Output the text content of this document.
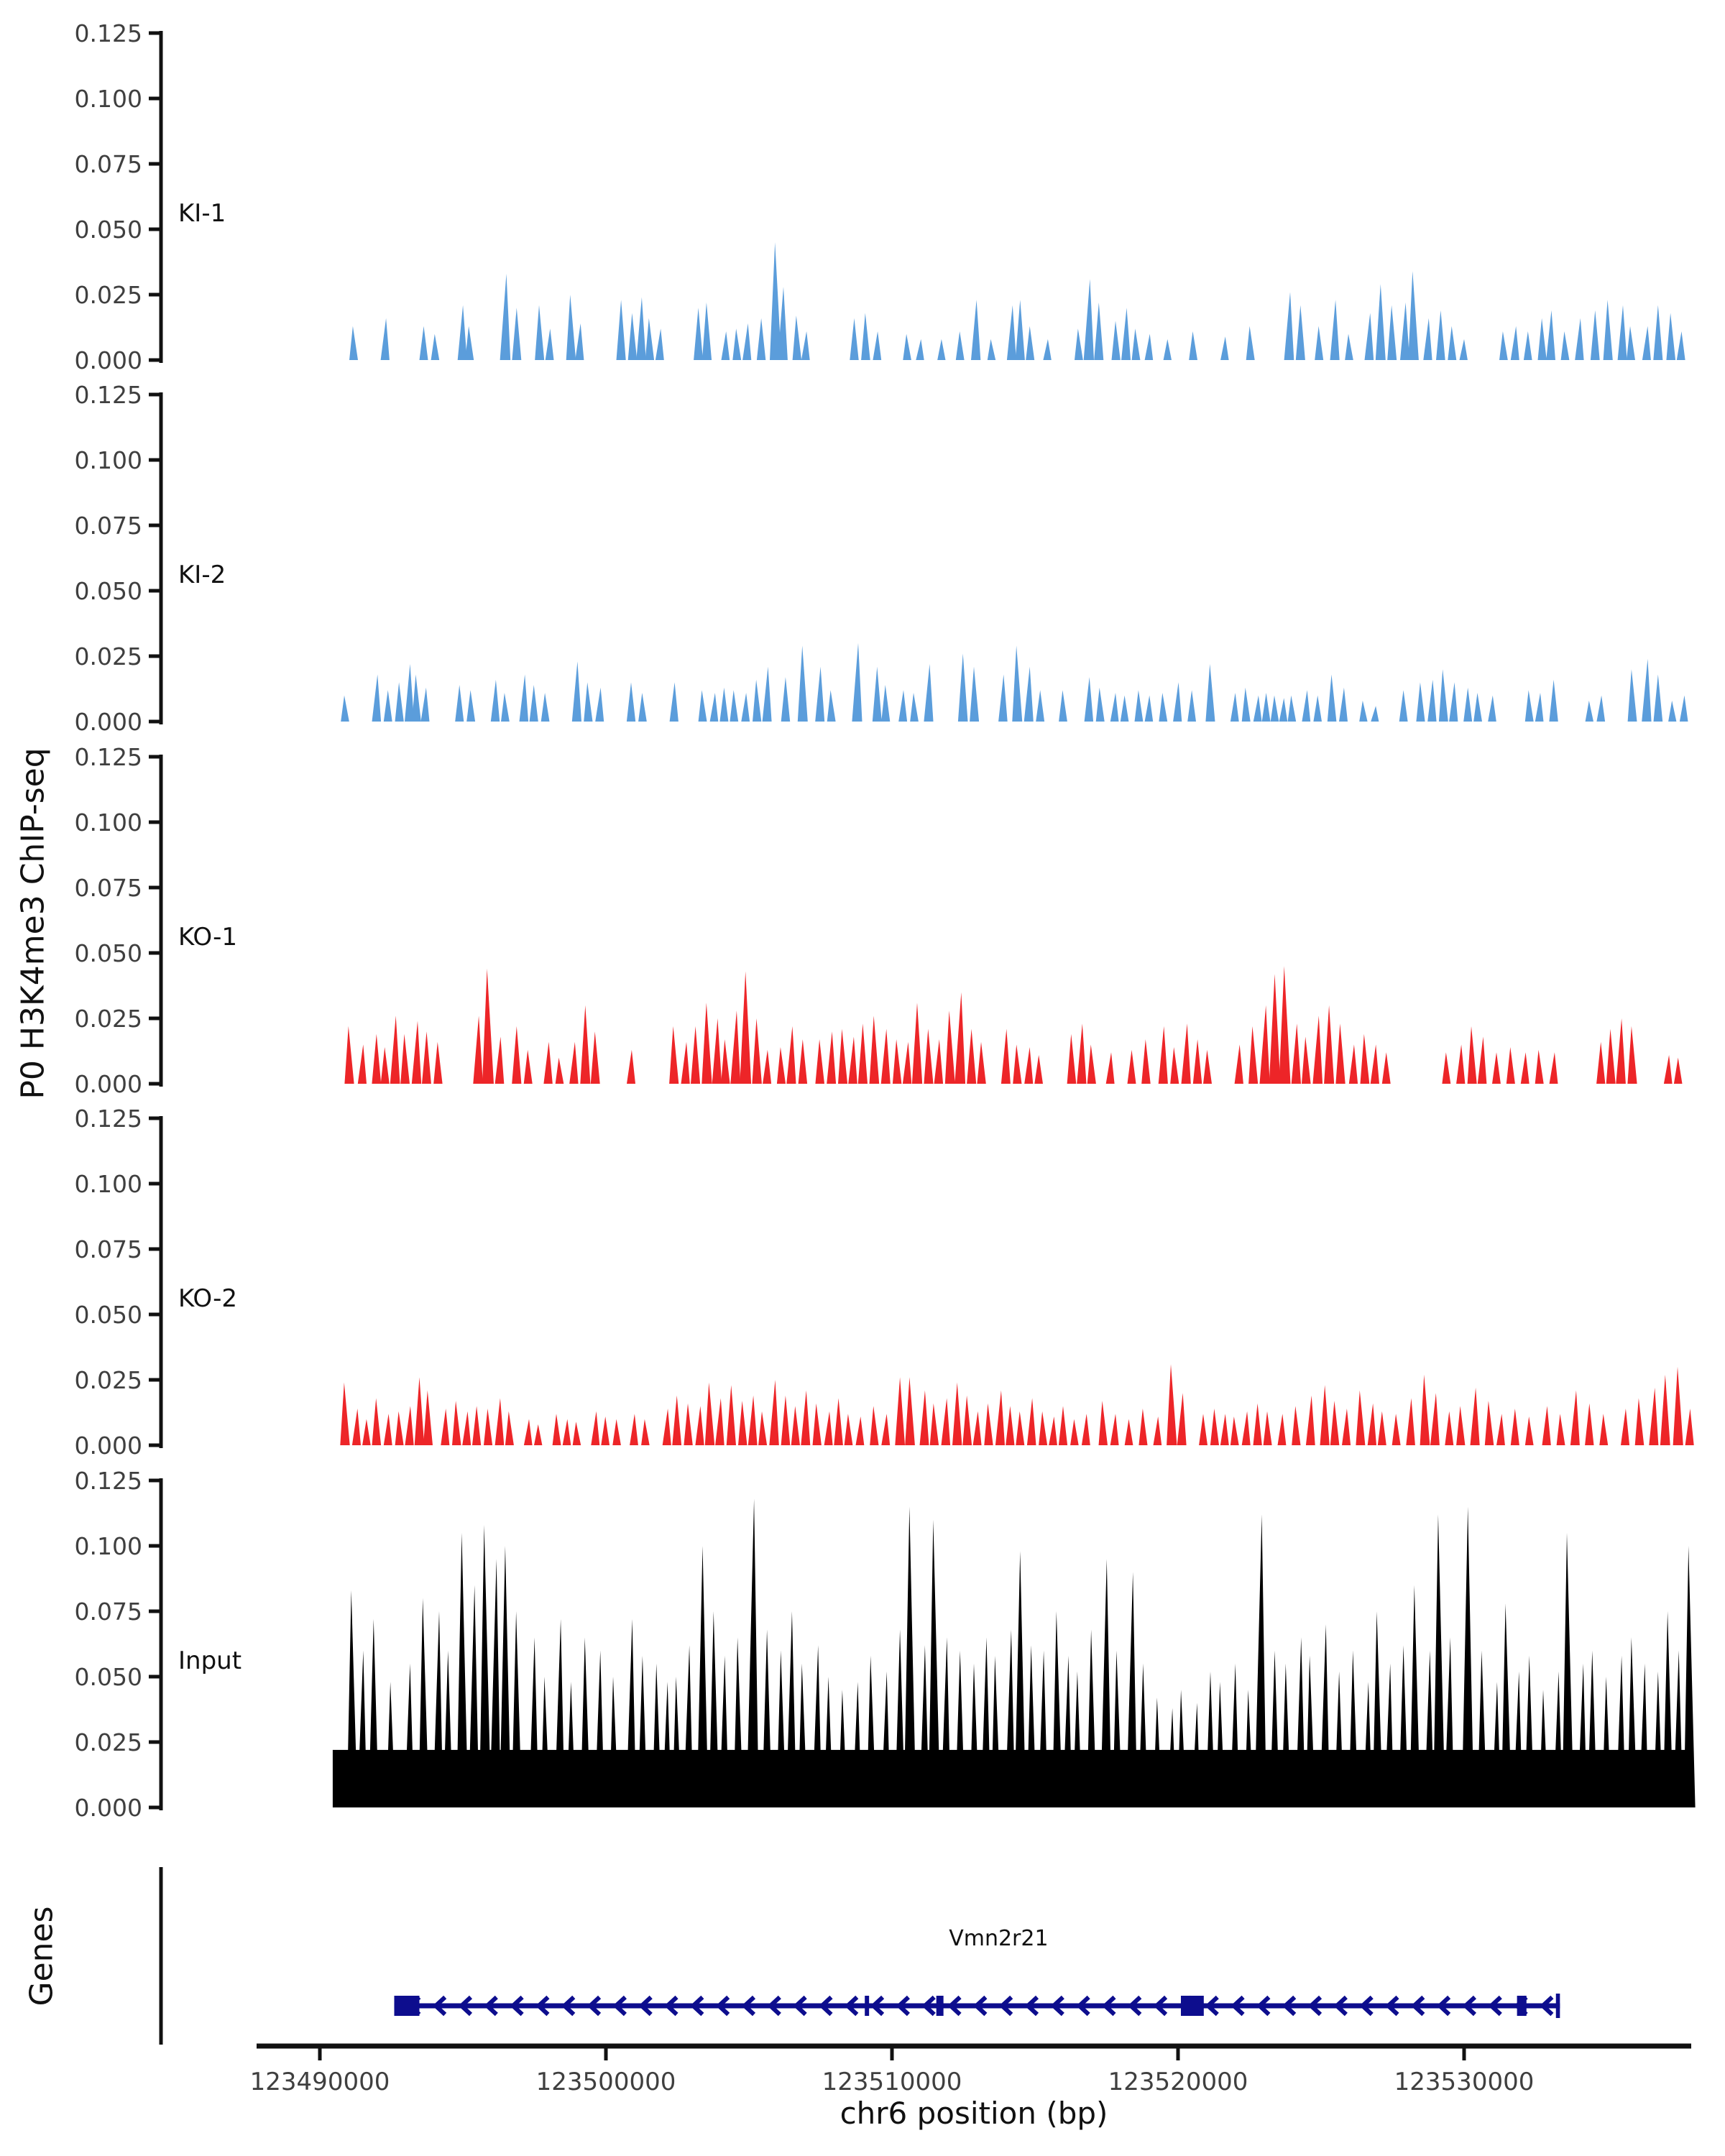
0.125
0.100
0.075
0.050
0.025
0.000
KI-1
0.125
0.100
0.075
0.050
0.025
0.000
KI-2
0.125
0.100
0.075
0.050
0.025
0.000
KO-1
0.125
0.100
0.075
0.050
0.025
0.000
KO-2
0.125
0.100
0.075
0.050
0.025
0.000
Input
123490000	123500000	123510000	123520000	123530000
P0 H3K4me3 ChIP-seq
Genes	Vmn2r21
chr6 position (bp)
